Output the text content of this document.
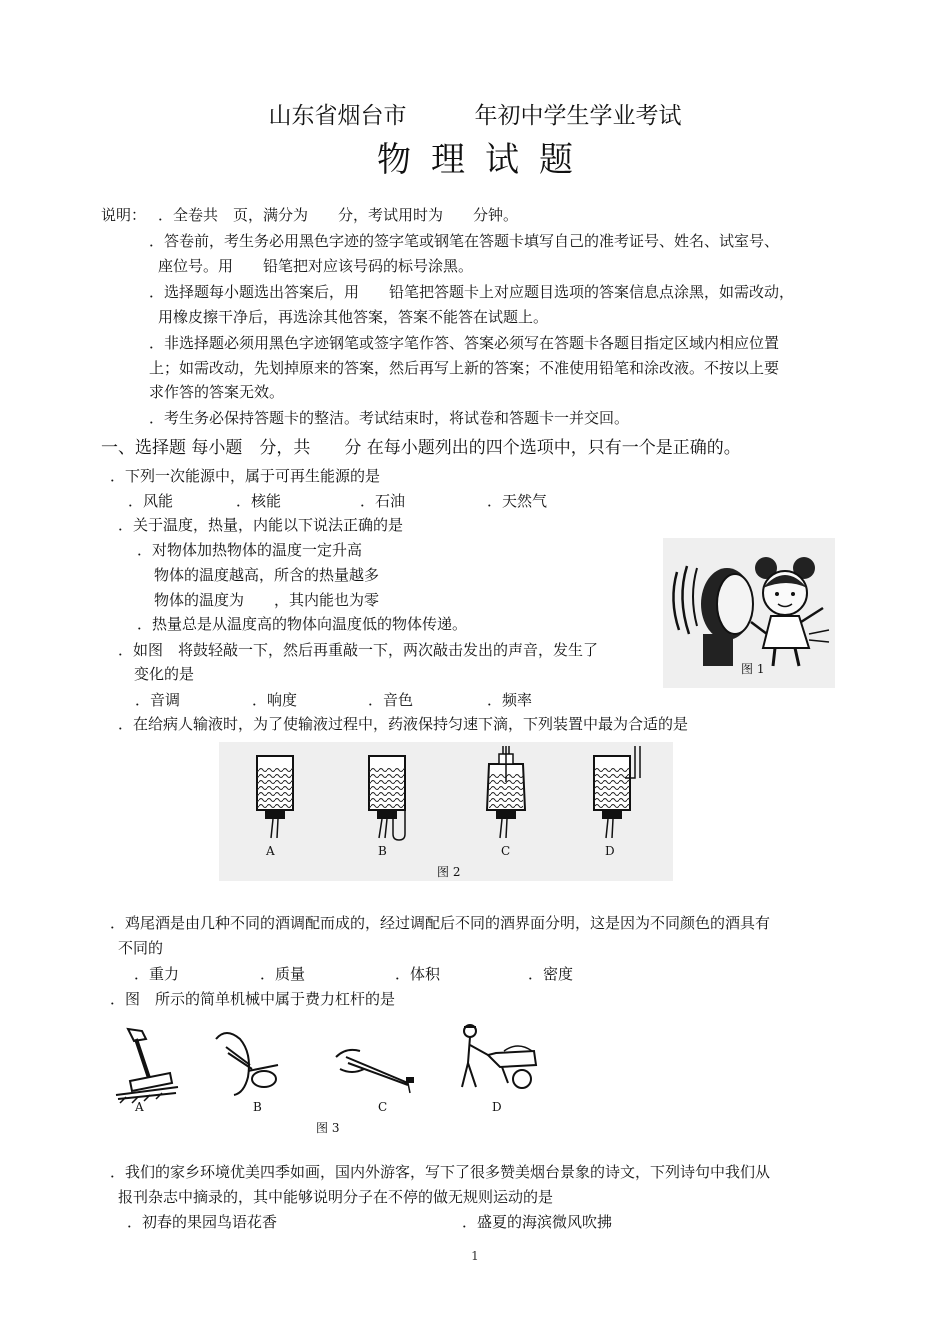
山东省烟台市	年初中学生学业考试
物理试题
说明： ．全卷共　页，满分为　　分，考试用时为　　分钟。
．答卷前，考生务必用黑色字迹的签字笔或钢笔在答题卡填写自己的准考证号、姓名、试室号、
座位号。用　　铅笔把对应该号码的标号涂黑。
．选择题每小题选出答案后，用　　铅笔把答题卡上对应题目选项的答案信息点涂黑，如需改动，
用橡皮擦干净后，再选涂其他答案，答案不能答在试题上。
．非选择题必须用黑色字迹钢笔或签字笔作答、答案必须写在答题卡各题目指定区域内相应位置
上；如需改动，先划掉原来的答案，然后再写上新的答案；不准使用铅笔和涂改液。不按以上要
求作答的答案无效。
．考生务必保持答题卡的整洁。考试结束时，将试卷和答题卡一并交回。
一、选择题 每小题　分，共　　分 在每小题列出的四个选项中，只有一个是正确的。
．下列一次能源中，属于可再生能源的是
．风能	．核能	．石油	．天然气
．关于温度，热量，内能以下说法正确的是
．对物体加热物体的温度一定升高
物体的温度越高，所含的热量越多
物体的温度为　　，其内能也为零
．热量总是从温度高的物体向温度低的物体传递。
图 1
．如图　将鼓轻敲一下，然后再重敲一下，两次敲击发出的声音，发生了
变化的是
．音调	．响度	．音色	．频率
．在给病人输液时，为了使输液过程中，药液保持匀速下滴，下列装置中最为合适的是
A	B	C	D
图 2
．鸡尾酒是由几种不同的酒调配而成的，经过调配后不同的酒界面分明，这是因为不同颜色的酒具有
不同的
．重力	．质量	．体积	．密度
．图　所示的简单机械中属于费力杠杆的是
A	B	C	D
图 3
．我们的家乡环境优美四季如画，国内外游客，写下了很多赞美烟台景象的诗文，下列诗句中我们从
报刊杂志中摘录的，其中能够说明分子在不停的做无规则运动的是
．初春的果园鸟语花香	．盛夏的海滨微风吹拂
1
